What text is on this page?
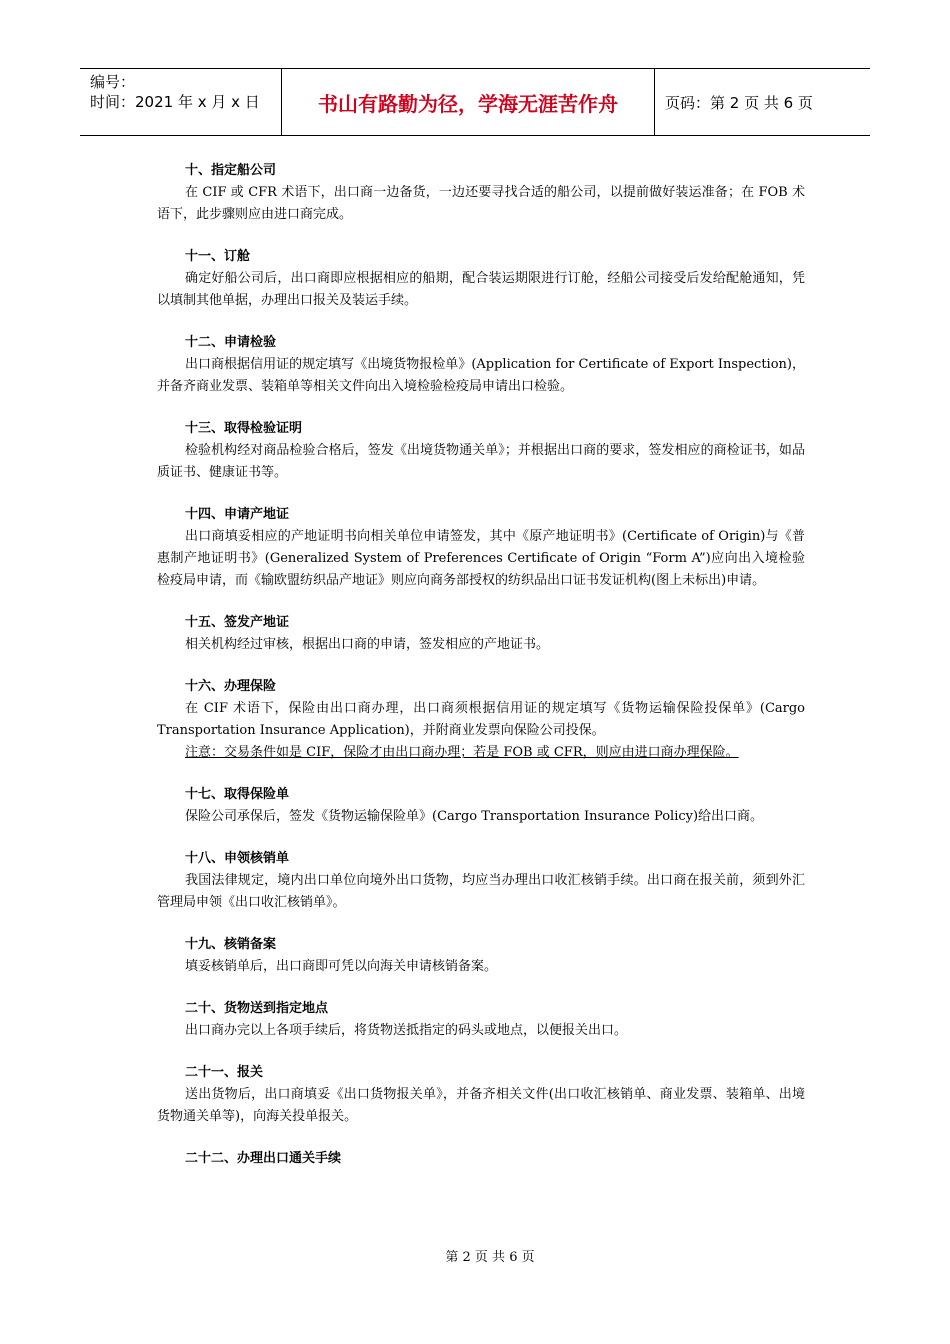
编号：
时间：2021 年 x 月 x 日	书山有路勤为径，学海无涯苦作舟	页码：第 2 页 共 6 页
十、指定船公司
在 CIF 或 CFR 术语下，出口商一边备货，一边还要寻找合适的船公司，以提前做好装运准备；在 FOB 术语下，此步骤则应由进口商完成。
十一、订舱
确定好船公司后，出口商即应根据相应的船期，配合装运期限进行订舱，经船公司接受后发给配舱通知，凭以填制其他单据，办理出口报关及装运手续。
十二、申请检验
出口商根据信用证的规定填写《出境货物报检单》(Application for Certificate of Export Inspection)，并备齐商业发票、装箱单等相关文件向出入境检验检疫局申请出口检验。
十三、取得检验证明
检验机构经对商品检验合格后，签发《出境货物通关单》；并根据出口商的要求，签发相应的商检证书，如品质证书、健康证书等。
十四、申请产地证
出口商填妥相应的产地证明书向相关单位申请签发，其中《原产地证明书》(Certificate of Origin)与《普惠制产地证明书》(Generalized System of Preferences Certificate of Origin “Form A”)应向出入境检验检疫局申请，而《输欧盟纺织品产地证》则应向商务部授权的纺织品出口证书发证机构(图上未标出)申请。
十五、签发产地证
相关机构经过审核，根据出口商的申请，签发相应的产地证书。
十六、办理保险
在 CIF 术语下，保险由出口商办理，出口商须根据信用证的规定填写《货物运输保险投保单》(Cargo Transportation Insurance Application)，并附商业发票向保险公司投保。
注意：交易条件如是 CIF，保险才由出口商办理；若是 FOB 或 CFR，则应由进口商办理保险。
十七、取得保险单
保险公司承保后，签发《货物运输保险单》(Cargo Transportation Insurance Policy)给出口商。
十八、申领核销单
我国法律规定，境内出口单位向境外出口货物，均应当办理出口收汇核销手续。出口商在报关前，须到外汇管理局申领《出口收汇核销单》。
十九、核销备案
填妥核销单后，出口商即可凭以向海关申请核销备案。
二十、货物送到指定地点
出口商办完以上各项手续后，将货物送抵指定的码头或地点，以便报关出口。
二十一、报关
送出货物后，出口商填妥《出口货物报关单》，并备齐相关文件(出口收汇核销单、商业发票、装箱单、出境货物通关单等)，向海关投单报关。
二十二、办理出口通关手续
第 2 页 共 6 页
